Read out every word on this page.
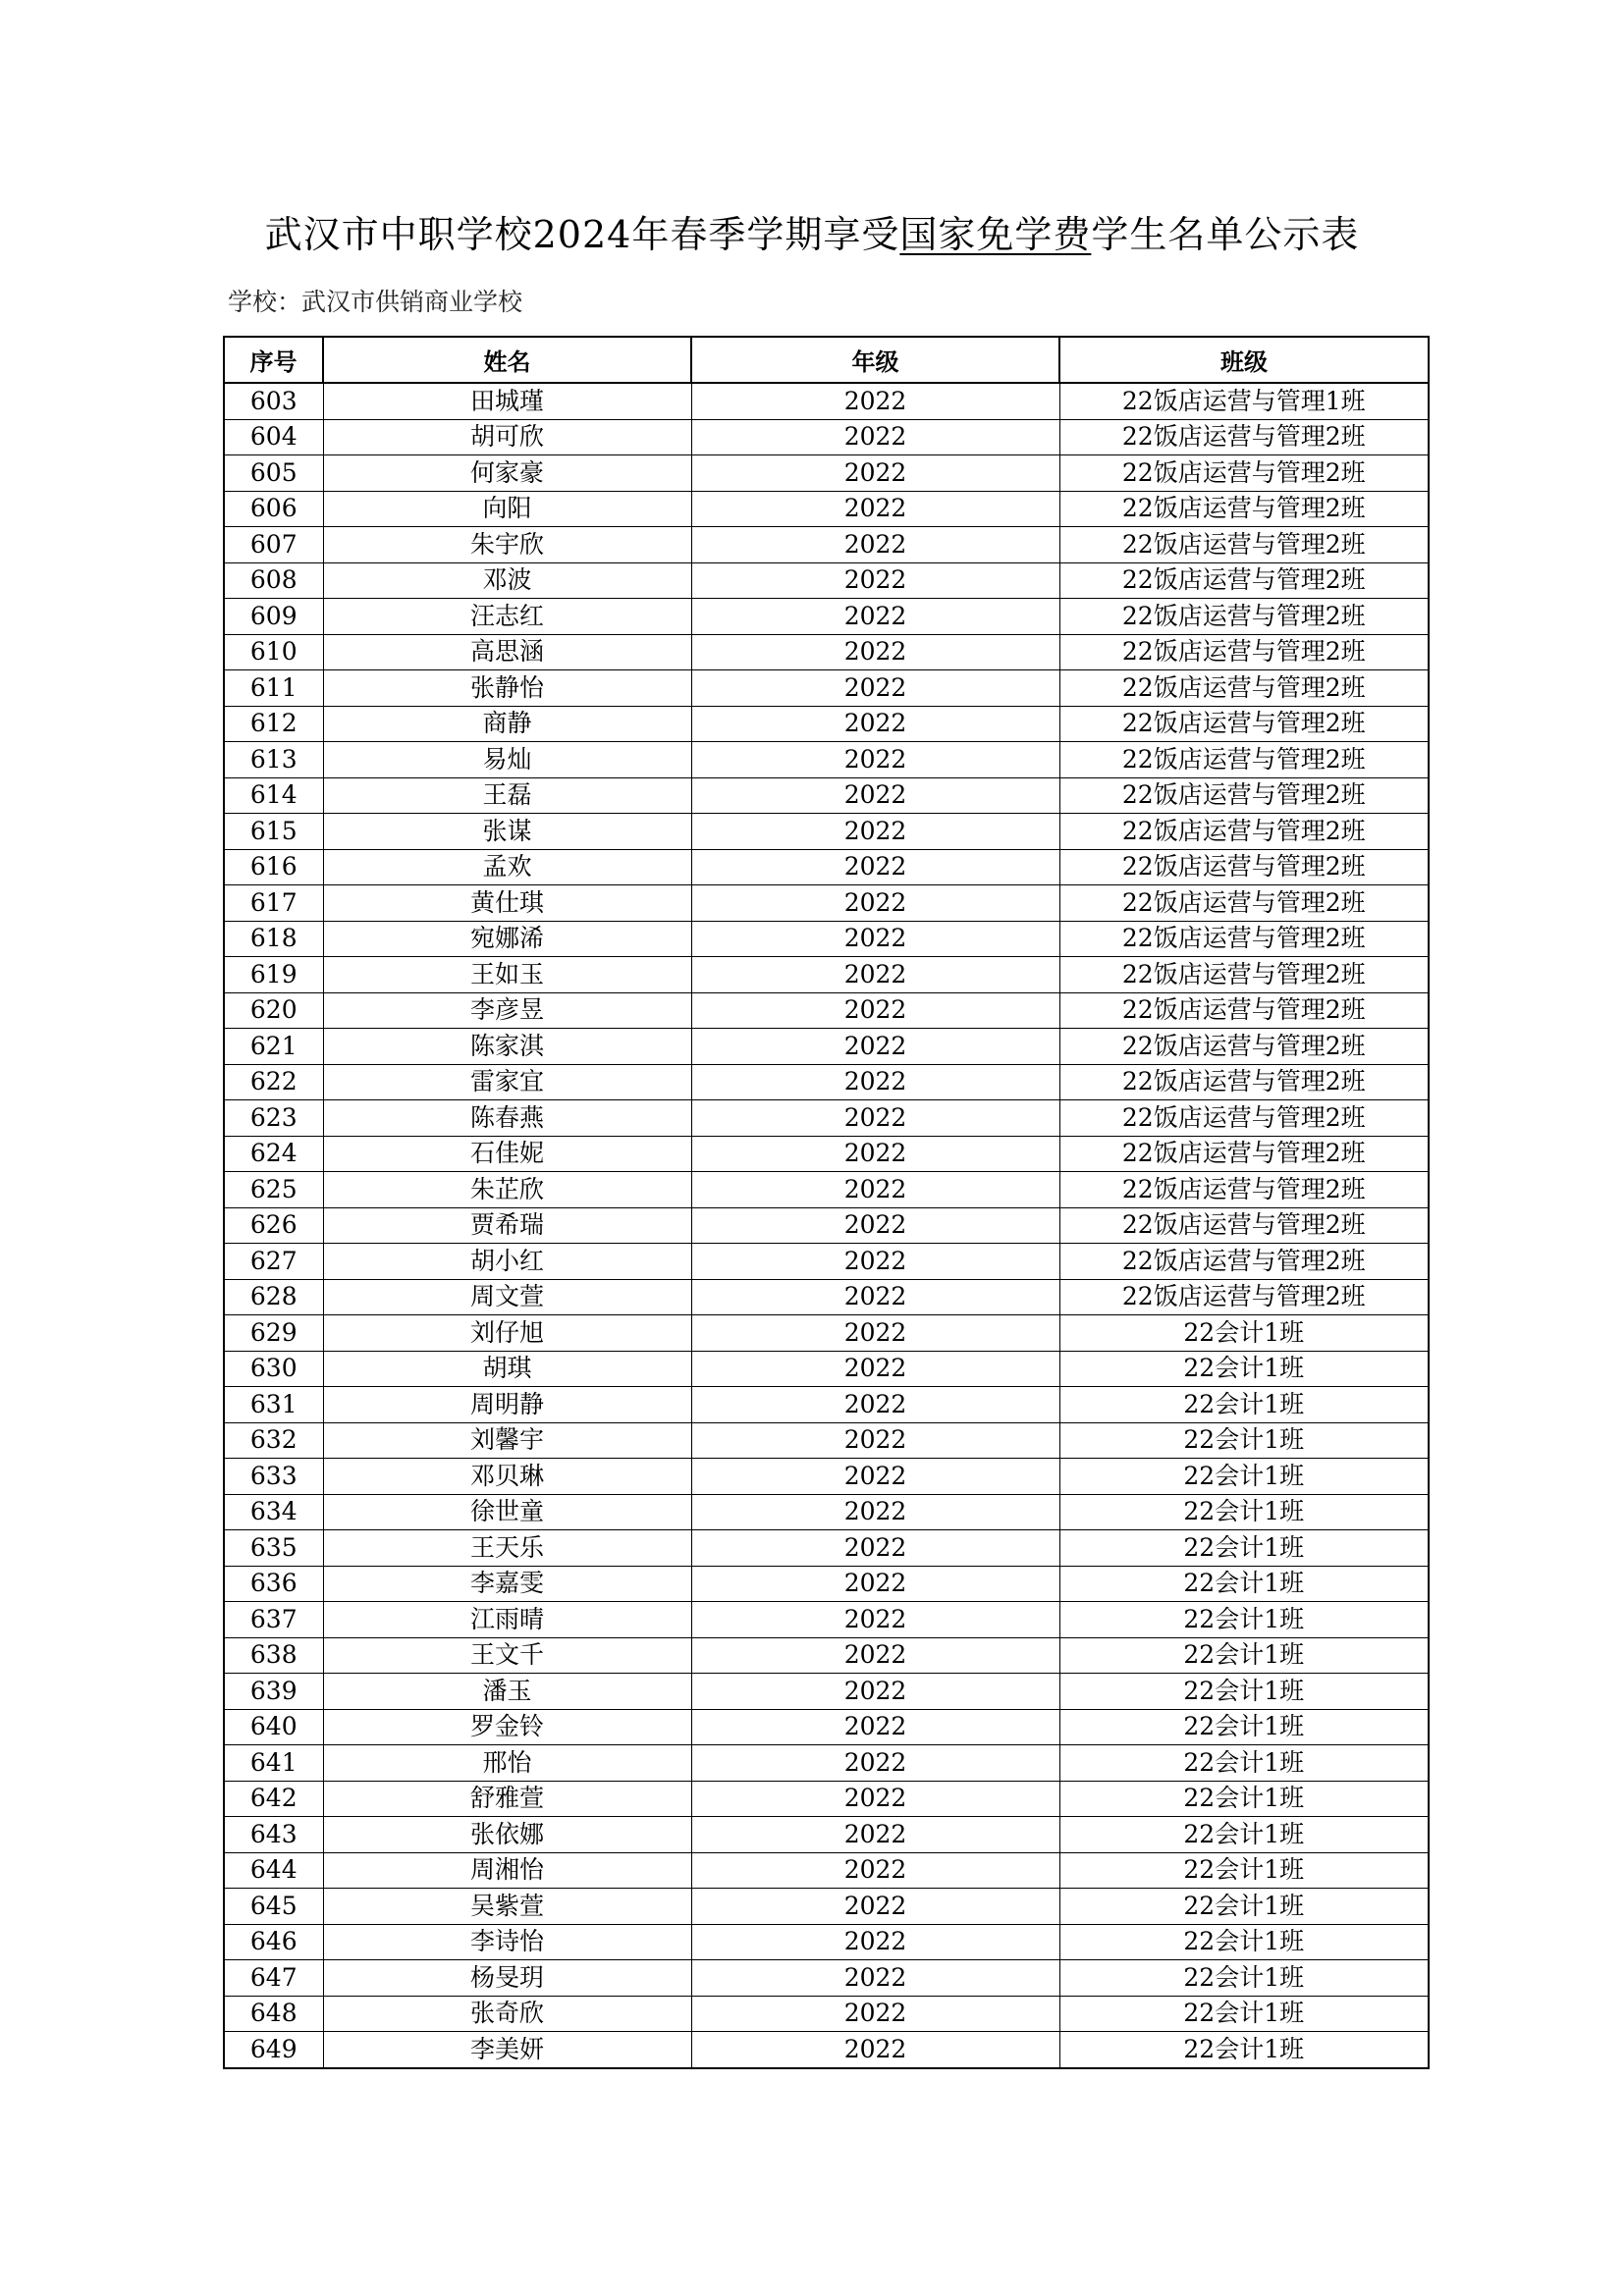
武汉市中职学校2024年春季学期享受国家免学费学生名单公示表
学校：武汉市供销商业学校
序号	姓名	年级	班级
603	田城瑾	2022	22饭店运营与管理1班
604	胡可欣	2022	22饭店运营与管理2班
605	何家豪	2022	22饭店运营与管理2班
606	向阳	2022	22饭店运营与管理2班
607	朱宇欣	2022	22饭店运营与管理2班
608	邓波	2022	22饭店运营与管理2班
609	汪志红	2022	22饭店运营与管理2班
610	高思涵	2022	22饭店运营与管理2班
611	张静怡	2022	22饭店运营与管理2班
612	商静	2022	22饭店运营与管理2班
613	易灿	2022	22饭店运营与管理2班
614	王磊	2022	22饭店运营与管理2班
615	张谋	2022	22饭店运营与管理2班
616	孟欢	2022	22饭店运营与管理2班
617	黄仕琪	2022	22饭店运营与管理2班
618	宛娜浠	2022	22饭店运营与管理2班
619	王如玉	2022	22饭店运营与管理2班
620	李彦昱	2022	22饭店运营与管理2班
621	陈家淇	2022	22饭店运营与管理2班
622	雷家宜	2022	22饭店运营与管理2班
623	陈春燕	2022	22饭店运营与管理2班
624	石佳妮	2022	22饭店运营与管理2班
625	朱芷欣	2022	22饭店运营与管理2班
626	贾希瑞	2022	22饭店运营与管理2班
627	胡小红	2022	22饭店运营与管理2班
628	周文萱	2022	22饭店运营与管理2班
629	刘仔旭	2022	22会计1班
630	胡琪	2022	22会计1班
631	周明静	2022	22会计1班
632	刘馨宇	2022	22会计1班
633	邓贝琳	2022	22会计1班
634	徐世童	2022	22会计1班
635	王天乐	2022	22会计1班
636	李嘉雯	2022	22会计1班
637	江雨晴	2022	22会计1班
638	王文千	2022	22会计1班
639	潘玉	2022	22会计1班
640	罗金铃	2022	22会计1班
641	邢怡	2022	22会计1班
642	舒雅萱	2022	22会计1班
643	张依娜	2022	22会计1班
644	周湘怡	2022	22会计1班
645	吴紫萱	2022	22会计1班
646	李诗怡	2022	22会计1班
647	杨旻玥	2022	22会计1班
648	张奇欣	2022	22会计1班
649	李美妍	2022	22会计1班
